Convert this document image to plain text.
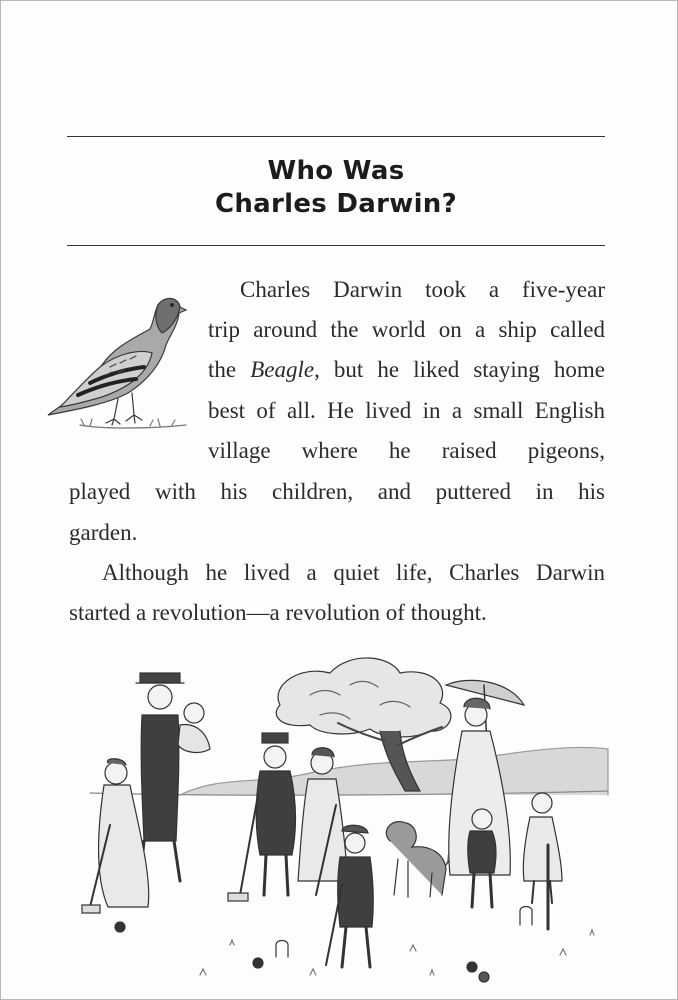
Who Was
Charles Darwin?
Charles Darwin took a five-year
trip around the world on a ship called
the Beagle, but he liked staying home
best of all. He lived in a small English
village where he raised pigeons,
played with his children, and puttered in his
garden.
Although he lived a quiet life, Charles Darwin
started a revolution—a revolution of thought.
